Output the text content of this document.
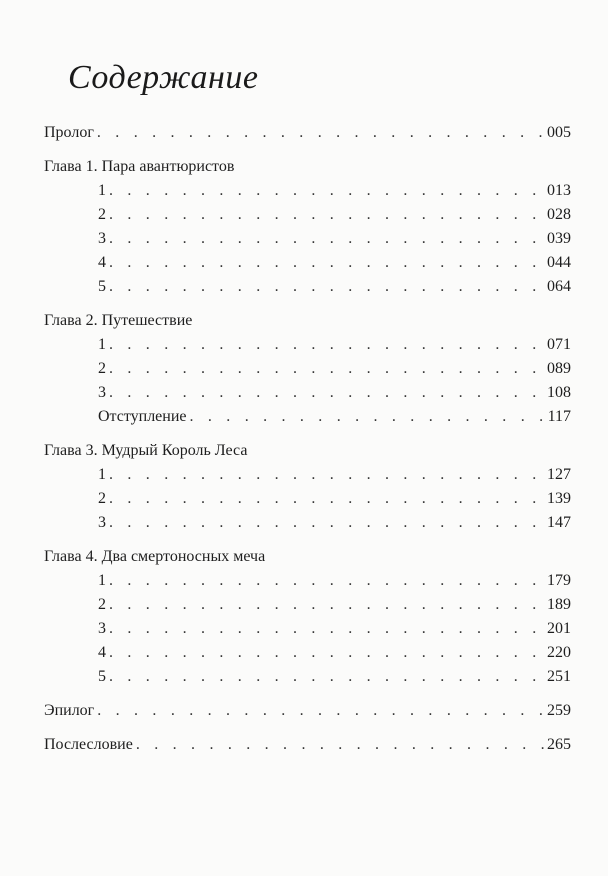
Содержание
Пролог . . .	005
Глава 1. Пара авантюристов
1 . . .	013
2 . . .	028
3 . . .	039
4 . . .	044
5 . . .	064
Глава 2. Путешествие
1 . . .	071
2 . . .	089
3 . . .	108
Отступление . . .	117
Глава 3. Мудрый Король Леса
1 . . .	127
2 . . .	139
3 . . .	147
Глава 4. Два смертоносных меча
1 . . .	179
2 . . .	189
3 . . .	201
4 . . .	220
5 . . .	251
Эпилог . . .	259
Послесловие . . .	265
